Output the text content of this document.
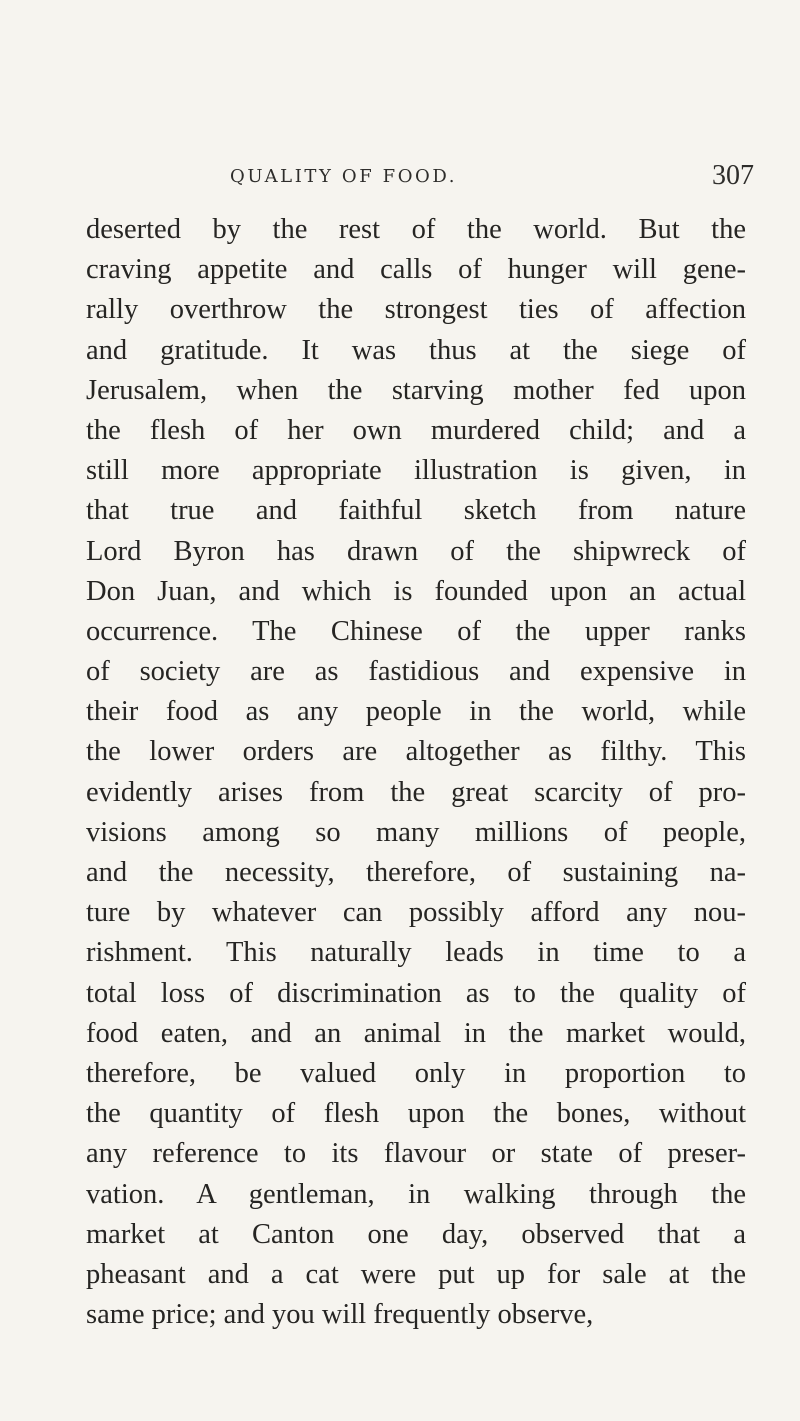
QUALITY OF FOOD.	307
deserted by the rest of the world. But the
craving appetite and calls of hunger will gene-
rally overthrow the strongest ties of affection
and gratitude. It was thus at the siege of
Jerusalem, when the starving mother fed upon
the flesh of her own murdered child; and a
still more appropriate illustration is given, in
that true and faithful sketch from nature
Lord Byron has drawn of the shipwreck of
Don Juan, and which is founded upon an actual
occurrence. The Chinese of the upper ranks
of society are as fastidious and expensive in
their food as any people in the world, while
the lower orders are altogether as filthy. This
evidently arises from the great scarcity of pro-
visions among so many millions of people,
and the necessity, therefore, of sustaining na-
ture by whatever can possibly afford any nou-
rishment. This naturally leads in time to a
total loss of discrimination as to the quality of
food eaten, and an animal in the market would,
therefore, be valued only in proportion to
the quantity of flesh upon the bones, without
any reference to its flavour or state of preser-
vation. A gentleman, in walking through the
market at Canton one day, observed that a
pheasant and a cat were put up for sale at the
same price; and you will frequently observe,
